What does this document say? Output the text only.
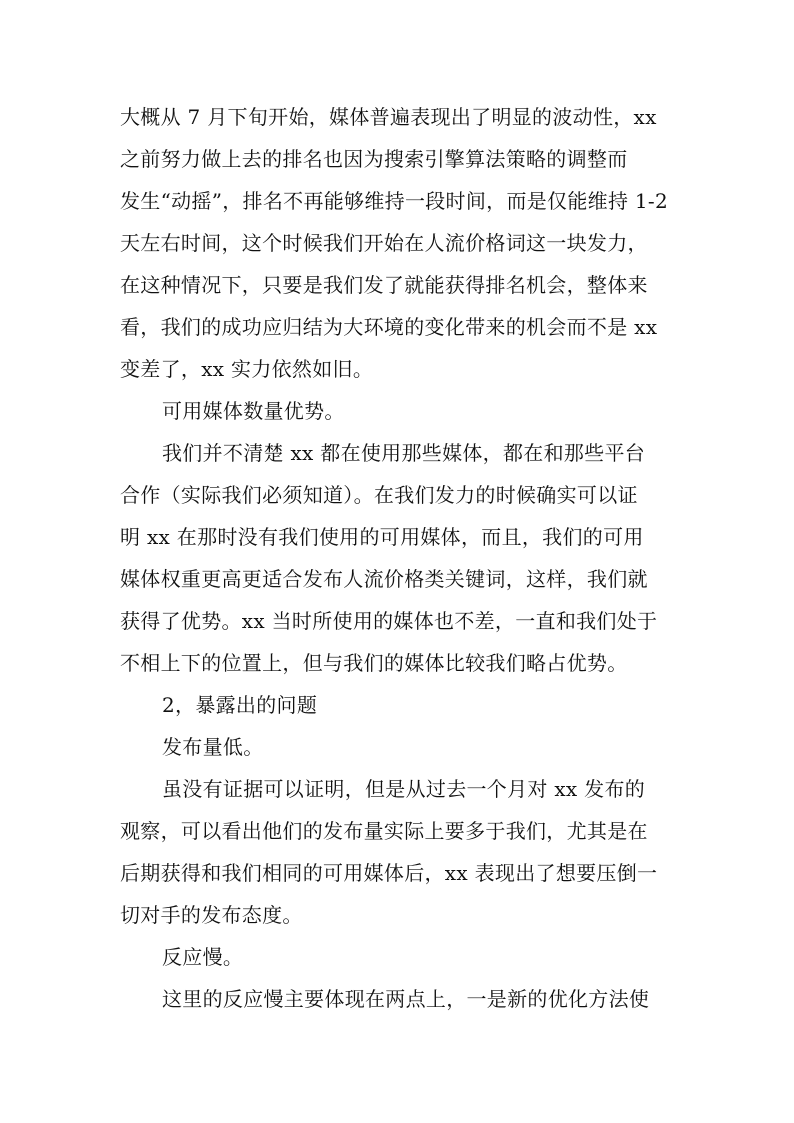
大概从 7 月下旬开始，媒体普遍表现出了明显的波动性，xx

之前努力做上去的排名也因为搜索引擎算法策略的调整而

发生“动摇”，排名不再能够维持一段时间，而是仅能维持 1-2

天左右时间，这个时候我们开始在人流价格词这一块发力，

在这种情况下，只要是我们发了就能获得排名机会，整体来

看，我们的成功应归结为大环境的变化带来的机会而不是 xx

变差了，xx 实力依然如旧。

可用媒体数量优势。

我们并不清楚 xx 都在使用那些媒体，都在和那些平台

合作（实际我们必须知道）。在我们发力的时候确实可以证

明 xx 在那时没有我们使用的可用媒体，而且，我们的可用

媒体权重更高更适合发布人流价格类关键词，这样，我们就

获得了优势。xx 当时所使用的媒体也不差，一直和我们处于

不相上下的位置上，但与我们的媒体比较我们略占优势。

2，暴露出的问题

发布量低。

虽没有证据可以证明，但是从过去一个月对 xx 发布的

观察，可以看出他们的发布量实际上要多于我们，尤其是在

后期获得和我们相同的可用媒体后，xx 表现出了想要压倒一

切对手的发布态度。

反应慢。

这里的反应慢主要体现在两点上，一是新的优化方法使
